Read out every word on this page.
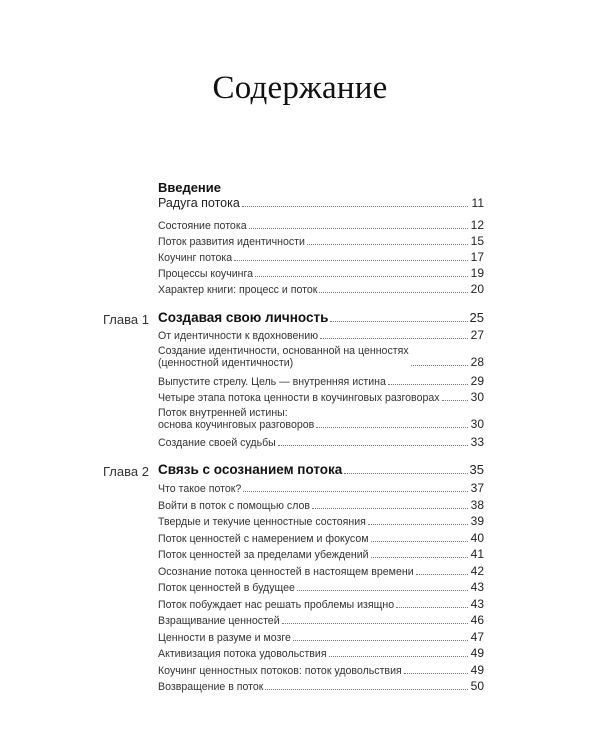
Содержание
Введение
Радуга потока	11
Состояние потока	12
Поток развития идентичности	15
Коучинг потока	17
Процессы коучинга	19
Характер книги: процесс и поток	20
Глава 1 Создавая свою личность	25
От идентичности к вдохновению	27
Создание идентичности, основанной на ценностях
(ценностной идентичности)	28
Выпустите стрелу. Цель — внутренняя истина	29
Четыре этапа потока ценности в коучинговых разговорах	30
Поток внутренней истины:
основа коучинговых разговоров	30
Создание своей судьбы	33
Глава 2 Связь с осознанием потока	35
Что такое поток?	37
Войти в поток с помощью слов	38
Твердые и текучие ценностные состояния	39
Поток ценностей с намерением и фокусом	40
Поток ценностей за пределами убеждений	41
Осознание потока ценностей в настоящем времени	42
Поток ценностей в будущее	43
Поток побуждает нас решать проблемы изящно	43
Взращивание ценностей	46
Ценности в разуме и мозге	47
Активизация потока удовольствия	49
Коучинг ценностных потоков: поток удовольствия	49
Возвращение в поток	50
